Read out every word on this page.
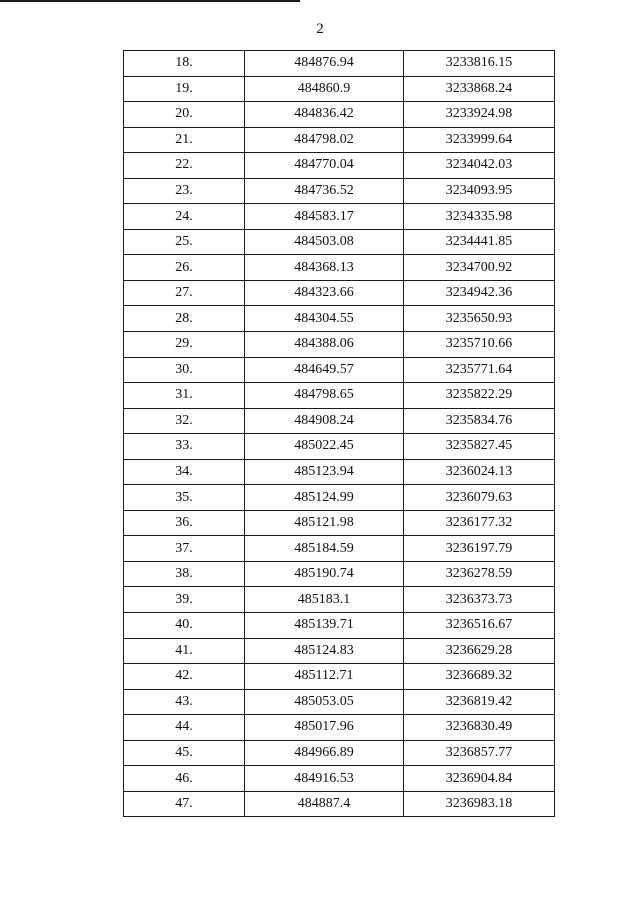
2
18.	484876.94	3233816.15
19.	484860.9	3233868.24
20.	484836.42	3233924.98
21.	484798.02	3233999.64
22.	484770.04	3234042.03
23.	484736.52	3234093.95
24.	484583.17	3234335.98
25.	484503.08	3234441.85
26.	484368.13	3234700.92
27.	484323.66	3234942.36
28.	484304.55	3235650.93
29.	484388.06	3235710.66
30.	484649.57	3235771.64
31.	484798.65	3235822.29
32.	484908.24	3235834.76
33.	485022.45	3235827.45
34.	485123.94	3236024.13
35.	485124.99	3236079.63
36.	485121.98	3236177.32
37.	485184.59	3236197.79
38.	485190.74	3236278.59
39.	485183.1	3236373.73
40.	485139.71	3236516.67
41.	485124.83	3236629.28
42.	485112.71	3236689.32
43.	485053.05	3236819.42
44.	485017.96	3236830.49
45.	484966.89	3236857.77
46.	484916.53	3236904.84
47.	484887.4	3236983.18
